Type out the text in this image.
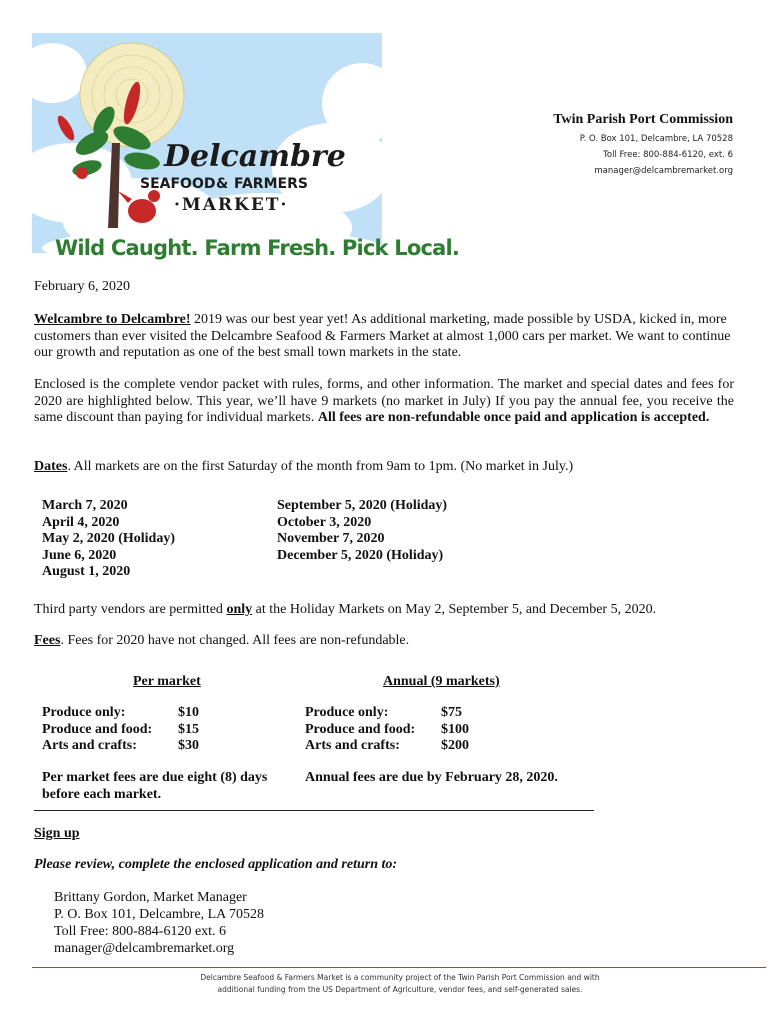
Delcambre
SEAFOOD & FARMERS
·MARKET·
Wild Caught. Farm Fresh. Pick Local.
Twin Parish Port Commission
P. O. Box 101, Delcambre, LA 70528
Toll Free: 800-884-6120, ext. 6
manager@delcambremarket.org
February 6, 2020
Welcambre to Delcambre! 2019 was our best year yet! As additional marketing, made possible by USDA, kicked in, more customers than ever visited the Delcambre Seafood & Farmers Market at almost 1,000 cars per market. We want to continue our growth and reputation as one of the best small town markets in the state.
Enclosed is the complete vendor packet with rules, forms, and other information. The market and special dates and fees for 2020 are highlighted below. This year, we’ll have 9 markets (no market in July) If you pay the annual fee, you receive the same discount than paying for individual markets. All fees are non-refundable once paid and application is accepted.
Dates. All markets are on the first Saturday of the month from 9am to 1pm. (No market in July.)
March 7, 2020
April 4, 2020
May 2, 2020 (Holiday)
June 6, 2020
August 1, 2020
September 5, 2020 (Holiday)
October 3, 2020
November 7, 2020
December 5, 2020 (Holiday)
Third party vendors are permitted only at the Holiday Markets on May 2, September 5, and December 5, 2020.
Fees. Fees for 2020 have not changed. All fees are non-refundable.
Per market	Annual (9 markets)
Produce only:	$10
Produce and food: $15
Arts and crafts:	$30
Produce only:	$75
Produce and food: $100
Arts and crafts:	$200
Per market fees are due eight (8) days before each market.
Annual fees are due by February 28, 2020.
Sign up
Please review, complete the enclosed application and return to:
Brittany Gordon, Market Manager
P. O. Box 101, Delcambre, LA 70528
Toll Free: 800-884-6120 ext. 6
manager@delcambremarket.org
Delcambre Seafood & Farmers Market is a community project of the Twin Parish Port Commission and with
additional funding from the US Department of Agriculture, vendor fees, and self-generated sales.
